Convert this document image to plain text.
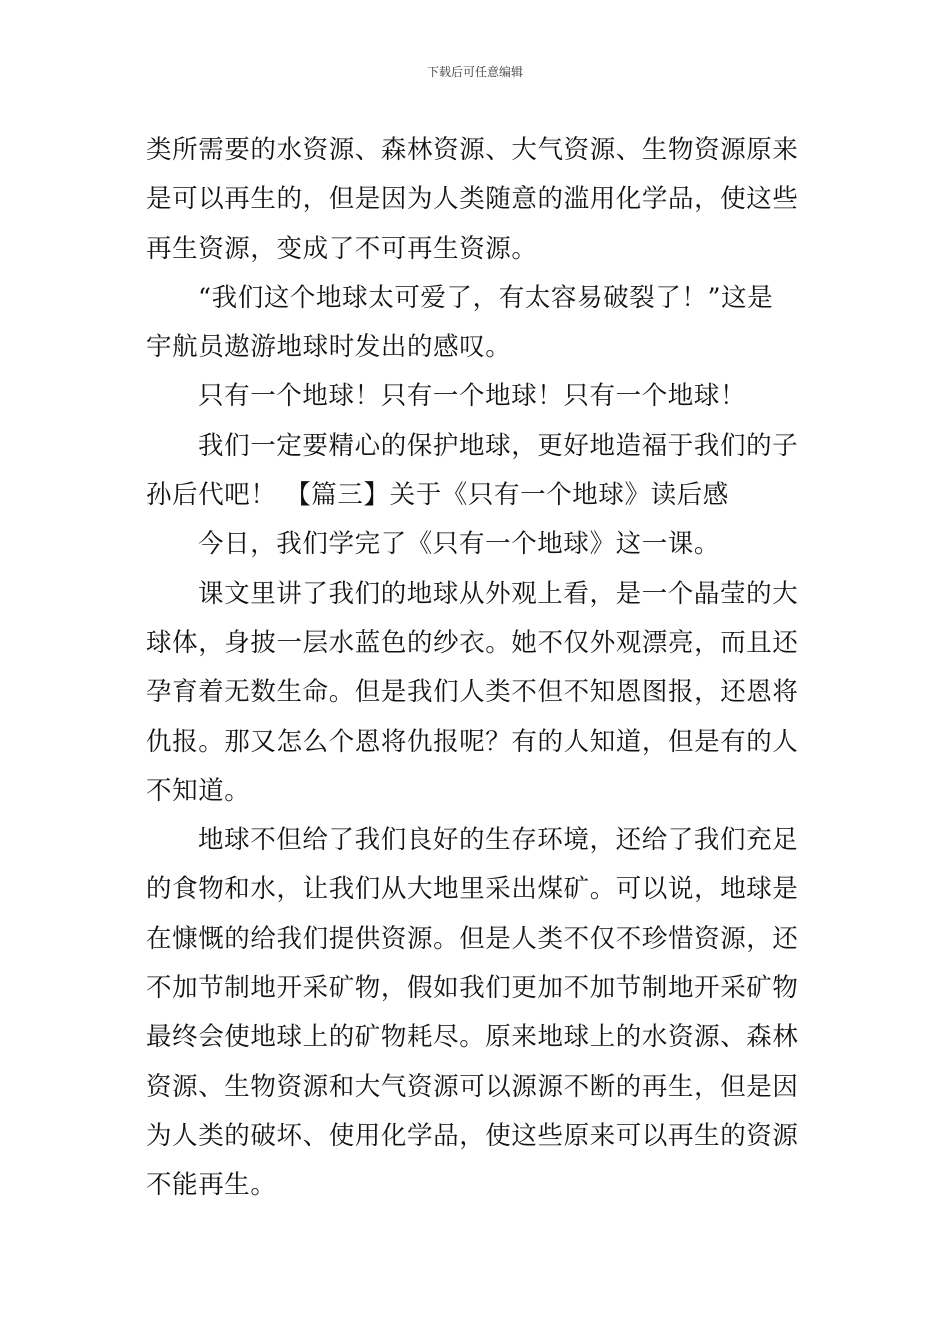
下载后可任意编辑

类所需要的水资源、森林资源、大气资源、生物资源原来
是可以再生的，但是因为人类随意的滥用化学品，使这些
再生资源，变成了不可再生资源。

“我们这个地球太可爱了，有太容易破裂了！”这是
宇航员遨游地球时发出的感叹。

只有一个地球！只有一个地球！只有一个地球！

我们一定要精心的保护地球，更好地造福于我们的子
孙后代吧！ 【篇三】关于《只有一个地球》读后感

今日，我们学完了《只有一个地球》这一课。

课文里讲了我们的地球从外观上看，是一个晶莹的大
球体，身披一层水蓝色的纱衣。她不仅外观漂亮，而且还
孕育着无数生命。但是我们人类不但不知恩图报，还恩将
仇报。那又怎么个恩将仇报呢？有的人知道，但是有的人
不知道。

地球不但给了我们良好的生存环境，还给了我们充足
的食物和水，让我们从大地里采出煤矿。可以说，地球是
在慷慨的给我们提供资源。但是人类不仅不珍惜资源，还
不加节制地开采矿物，假如我们更加不加节制地开采矿物
最终会使地球上的矿物耗尽。原来地球上的水资源、森林
资源、生物资源和大气资源可以源源不断的再生，但是因
为人类的破坏、使用化学品，使这些原来可以再生的资源
不能再生。
